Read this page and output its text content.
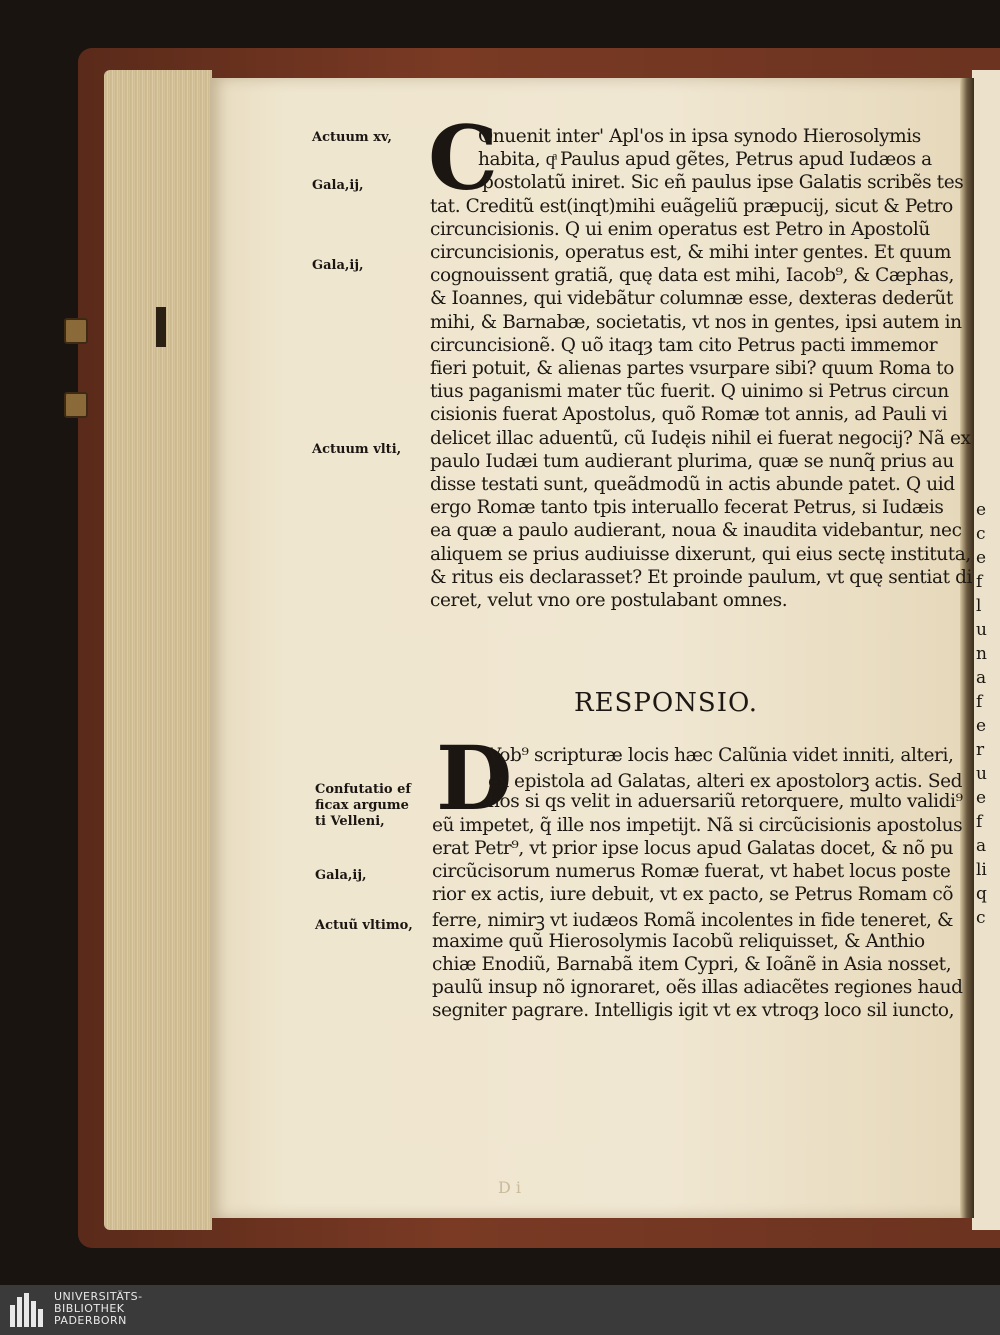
e
c
e
f
l
u
n
a
f
e
r
u
e
f
a
li
q
c
Actuum xv,
Gala,ij,
Gala,ij,
Actuum vlti,
Confutatio ef
ficax argume
ti Velleni,
Gala,ij,
Actuũ vltimo,
C
D
RESPONSIO.
D i
Onuenit inter' Apl'os in ipsa synodo Hierosolymis
habita, qͣ Paulus apud gẽtes, Petrus apud Iudæos a
postolatũ iniret. Sic eñ paulus ipse Galatis scribẽs tes
tat. Creditũ est(inqt)mihi euãgeliũ præpucij, sicut & Petro
circuncisionis. Q ui enim operatus est Petro in Apostolũ
circuncisionis, operatus est, & mihi inter gentes. Et quum
cognouissent gratiã, quę data est mihi, Iacob⁹, & Cæphas,
& Ioannes, qui videbãtur columnæ esse, dexteras dederũt
mihi, & Barnabæ, societatis, vt nos in gentes, ipsi autem in
circuncisionẽ. Q uõ itaqȝ tam cito Petrus pacti immemor
fieri potuit, & alienas partes vsurpare sibi? quum Roma to
tius paganismi mater tũc fuerit. Q uinimo si Petrus circun
cisionis fuerat Apostolus, quõ Romæ tot annis, ad Pauli vi
delicet illac aduentũ, cũ Iudęis nihil ei fuerat negocij? Nã ex
paulo Iudæi tum audierant plurima, quæ se nunq̃ prius au
disse testati sunt, queãdmodũ in actis abunde patet. Q uid
ergo Romæ tanto tpis interuallo fecerat Petrus, si Iudæis
ea quæ a paulo audierant, noua & inaudita videbantur, nec
aliquem se prius audiuisse dixerunt, qui eius sectę instituta,
& ritus eis declarasset? Et proinde paulum, vt quę sentiat di
ceret, velut vno ore postulabant omnes.
Vob⁹ scripturæ locis hæc Calũnia videt inniti, alteri,
ex epistola ad Galatas, alteri ex apostolorꝫ actis. Sed
hos si qs velit in aduersariũ retorquere, multo validi⁹
eũ impetet, q̃ ille nos impetijt. Nã si circũcisionis apostolus
erat Petr⁹, vt prior ipse locus apud Galatas docet, & nõ pu
circũcisorum numerus Romæ fuerat, vt habet locus poste
rior ex actis, iure debuit, vt ex pacto, se Petrus Romam cõ
ferre, nimirꝫ vt iudæos Romã incolentes in fide teneret, &
maxime quũ Hierosolymis Iacobũ reliquisset, & Anthio
chiæ Enodiũ, Barnabã item Cypri, & Ioãnẽ in Asia nosset,
paulũ insup nõ ignoraret, oẽs illas adiacẽtes regiones haud
segniter pagrare. Intelligis igit vt ex vtroqȝ loco sil iuncto,
UNIVERSITÄTS-
BIBLIOTHEK
PADERBORN
